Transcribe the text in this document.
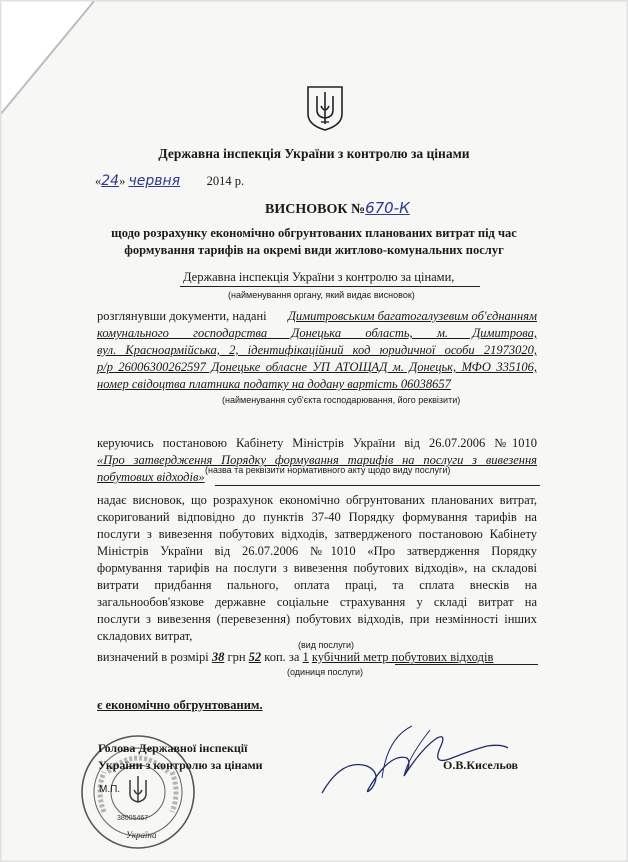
Державна інспекція України з контролю за цінами
«24» червня 2014 р.
ВИСНОВОК №670-К
щодо розрахунку економічно обгрунтованих планованих витрат під час
формування тарифів на окремі види житлово-комунальних послуг
Державна інспекція України з контролю за цінами,
(найменування органу, який видає висновок)
розглянувши документи, надані Димитровським багатогалузевим об'єднанням
комунального господарства Донецька область, м. Димитрова,
вул. Красноармійська, 2, ідентифікаційний код юридичної особи 21973020,
р/р 26006300262597 Донецьке обласне УП АТОЩАД м. Донецьк, МФО 335106,
номер свідоцтва платника податку на додану вартість 06038657
(найменування суб'єкта господарювання, його реквізити)
керуючись постановою Кабінету Міністрів України від 26.07.2006 №1010
«Про затвердження Порядку формування тарифів на послуги з вивезення
побутових відходів» (назва та реквізити нормативного акту щодо виду послуги)
надає висновок, що розрахунок економічно обгрунтованих планованих витрат,
скоригований відповідно до пунктів 37-40 Порядку формування тарифів на
послуги з вивезення побутових відходів, затвердженого постановою Кабінету
Міністрів України від 26.07.2006 №1010 «Про затвердження Порядку
формування тарифів на послуги з вивезення побутових відходів», на складові
витрати придбання пального, оплата праці, та сплата внесків на
загальнообов'язкове державне соціальне страхування у складі витрат на
послуги з вивезення (перевезення) побутових відходів, при незмінності інших
складових витрат,
(вид послуги)
визначений в розмірі 38 грн 52 коп. за 1 кубічний метр побутових відходів
(одиниця послуги)
є економічно обгрунтованим.
38005467
Україна
Голова Державної інспекції
України з контролю за цінами
М.П.
О.В.Кисельов
